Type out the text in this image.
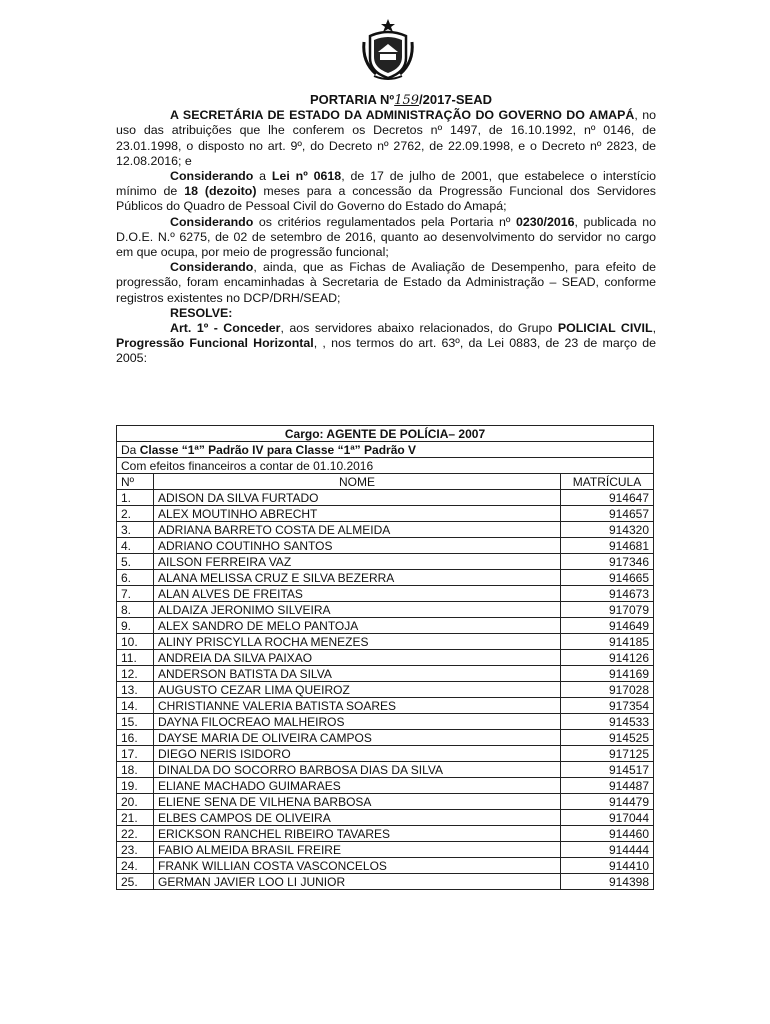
PORTARIA Nº159/2017-SEAD

A SECRETÁRIA DE ESTADO DA ADMINISTRAÇÃO DO GOVERNO DO AMAPÁ, no uso das atribuições que lhe conferem os Decretos nº 1497, de 16.10.1992, nº 0146, de 23.01.1998, o disposto no art. 9º, do Decreto nº 2762, de 22.09.1998, e o Decreto nº 2823, de 12.08.2016; e

Considerando a Lei nº 0618, de 17 de julho de 2001, que estabelece o interstício mínimo de 18 (dezoito) meses para a concessão da Progressão Funcional dos Servidores Públicos do Quadro de Pessoal Civil do Governo do Estado do Amapá;

Considerando os critérios regulamentados pela Portaria nº 0230/2016, publicada no D.O.E. N.º 6275, de 02 de setembro de 2016, quanto ao desenvolvimento do servidor no cargo em que ocupa, por meio de progressão funcional;

Considerando, ainda, que as Fichas de Avaliação de Desempenho, para efeito de progressão, foram encaminhadas à Secretaria de Estado da Administração – SEAD, conforme registros existentes no DCP/DRH/SEAD;

RESOLVE:

Art. 1º - Conceder, aos servidores abaixo relacionados, do Grupo POLICIAL CIVIL, Progressão Funcional Horizontal, , nos termos do art. 63º, da Lei 0883, de 23 de março de 2005:

Cargo: AGENTE DE POLÍCIA– 2007		
Da Classe “1ª” Padrão IV para Classe “1ª” Padrão V		
Com efeitos financeiros a contar de 01.10.2016		
Nº	NOME	MATRÍCULA
1.	ADISON DA SILVA FURTADO	914647
2.	ALEX MOUTINHO ABRECHT	914657
3.	ADRIANA BARRETO COSTA DE ALMEIDA	914320
4.	ADRIANO COUTINHO SANTOS	914681
5.	AILSON FERREIRA VAZ	917346
6.	ALANA MELISSA CRUZ E SILVA BEZERRA	914665
7.	ALAN ALVES DE FREITAS	914673
8.	ALDAIZA JERONIMO SILVEIRA	917079
9.	ALEX SANDRO DE MELO PANTOJA	914649
10.	ALINY PRISCYLLA ROCHA MENEZES	914185
11.	ANDREIA DA SILVA PAIXAO	914126
12.	ANDERSON BATISTA DA SILVA	914169
13.	AUGUSTO CEZAR LIMA QUEIROZ	917028
14.	CHRISTIANNE VALERIA BATISTA SOARES	917354
15.	DAYNA FILOCREAO MALHEIROS	914533
16.	DAYSE MARIA DE OLIVEIRA CAMPOS	914525
17.	DIEGO NERIS ISIDORO	917125
18.	DINALDA DO SOCORRO BARBOSA DIAS DA SILVA	914517
19.	ELIANE MACHADO GUIMARAES	914487
20.	ELIENE SENA DE VILHENA BARBOSA	914479
21.	ELBES CAMPOS DE OLIVEIRA	917044
22.	ERICKSON RANCHEL RIBEIRO TAVARES	914460
23.	FABIO ALMEIDA BRASIL FREIRE	914444
24.	FRANK WILLIAN COSTA VASCONCELOS	914410
25.	GERMAN JAVIER LOO LI JUNIOR	914398
